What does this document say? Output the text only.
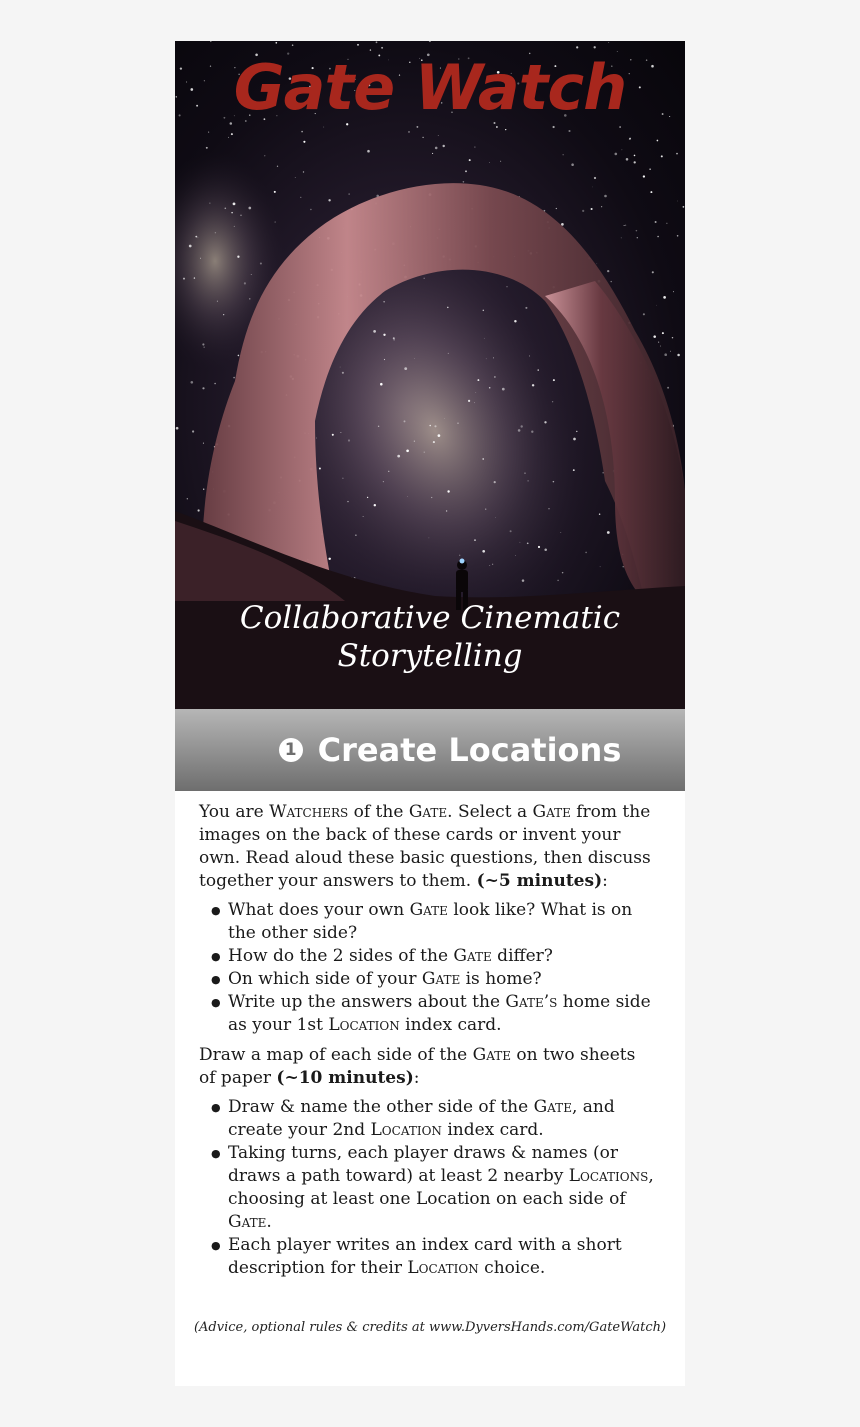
Gate Watch
Collaborative Cinematic
Storytelling
1 Create Locations

You are Watchers of the Gate. Select a Gate from the images on the back of these cards or invent your own. Read aloud these basic questions, then discuss together your answers to them. (~5 minutes):

● What does your own Gate look like? What is on the other side?
● How do the 2 sides of the Gate differ?
● On which side of your Gate is home?
● Write up the answers about the Gate’s home side as your 1st Location index card.

Draw a map of each side of the Gate on two sheets of paper (~10 minutes):

● Draw & name the other side of the Gate, and create your 2nd Location index card.
● Taking turns, each player draws & names (or draws a path toward) at least 2 nearby Locations, choosing at least one Location on each side of Gate.
● Each player writes an index card with a short description for their Location choice.
(Advice, optional rules & credits at www.DyversHands.com/GateWatch)
